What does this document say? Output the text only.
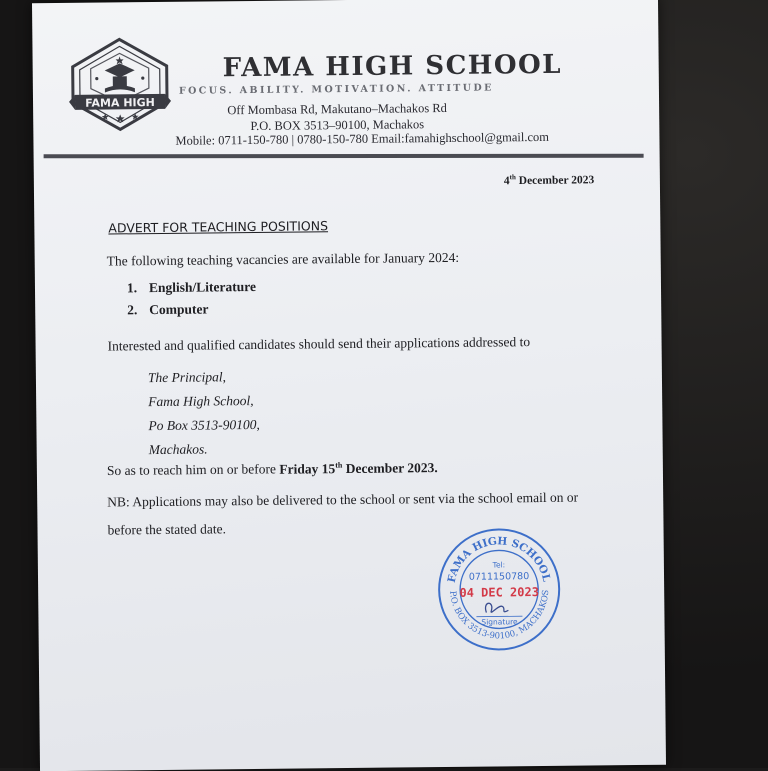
FAMA HIGH
FAMA HIGH SCHOOL
FOCUS. ABILITY. MOTIVATION. ATTITUDE
Off Mombasa Rd, Makutano–Machakos Rd
P.O. BOX 3513–90100, Machakos
Mobile: 0711-150-780 | 0780-150-780 Email:famahighschool@gmail.com
4th December 2023
ADVERT FOR TEACHING POSITIONS
The following teaching vacancies are available for January 2024:
1. English/Literature
2. Computer
Interested and qualified candidates should send their applications addressed to
The Principal,
Fama High School,
Po Box 3513-90100,
Machakos.
So as to reach him on or before Friday 15th December 2023.
NB: Applications may also be delivered to the school or sent via the school email on or
before the stated date.
FAMA HIGH SCHOOL
P.O. BOX 3513-90100, MACHAKOS
Tel:
0711150780
04 DEC 2023
Signature
